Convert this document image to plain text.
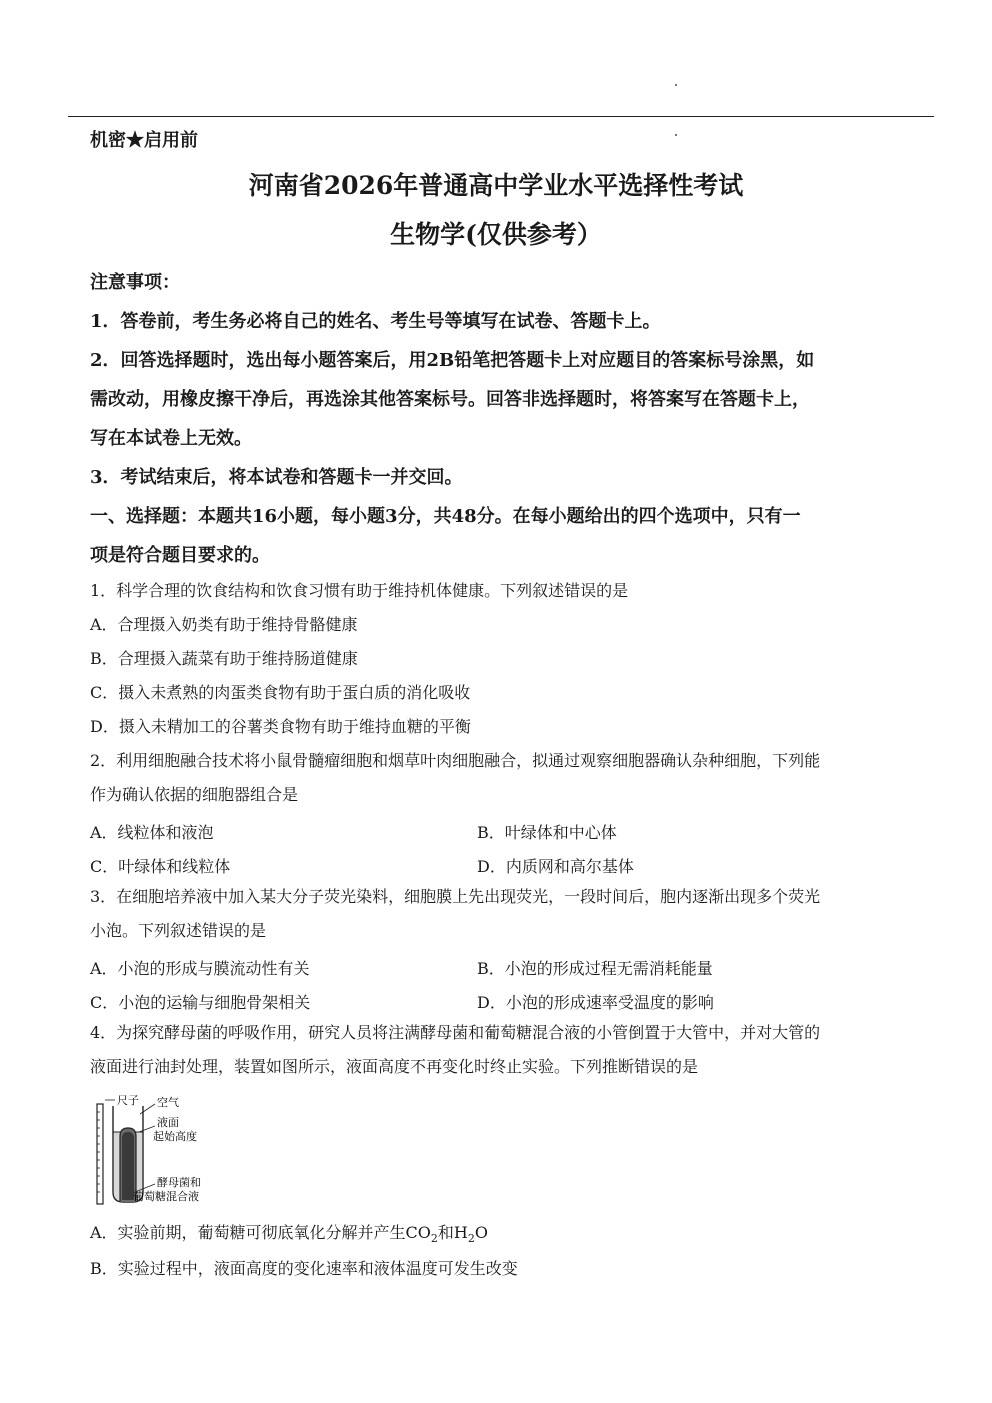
机密★启用前
河南省2026年普通高中学业水平选择性考试
生物学(仅供参考）
注意事项：
1．答卷前，考生务必将自己的姓名、考生号等填写在试卷、答题卡上。
2．回答选择题时，选出每小题答案后，用2B铅笔把答题卡上对应题目的答案标号涂黑，如
需改动，用橡皮擦干净后，再选涂其他答案标号。回答非选择题时，将答案写在答题卡上，
写在本试卷上无效。
3．考试结束后，将本试卷和答题卡一并交回。
一、选择题：本题共16小题，每小题3分，共48分。在每小题给出的四个选项中，只有一
项是符合题目要求的。
1．科学合理的饮食结构和饮食习惯有助于维持机体健康。下列叙述错误的是
A．合理摄入奶类有助于维持骨骼健康
B．合理摄入蔬菜有助于维持肠道健康
C．摄入未煮熟的肉蛋类食物有助于蛋白质的消化吸收
D．摄入未精加工的谷薯类食物有助于维持血糖的平衡
2．利用细胞融合技术将小鼠骨髓瘤细胞和烟草叶肉细胞融合，拟通过观察细胞器确认杂种细胞，下列能
作为确认依据的细胞器组合是
A．线粒体和液泡	B．叶绿体和中心体
C．叶绿体和线粒体	D．内质网和高尔基体
3．在细胞培养液中加入某大分子荧光染料，细胞膜上先出现荧光，一段时间后，胞内逐渐出现多个荧光
小泡。下列叙述错误的是
A．小泡的形成与膜流动性有关	B．小泡的形成过程无需消耗能量
C．小泡的运输与细胞骨架相关	D．小泡的形成速率受温度的影响
4．为探究酵母菌的呼吸作用，研究人员将注满酵母菌和葡萄糖混合液的小管倒置于大管中，并对大管的
液面进行油封处理，装置如图所示，液面高度不再变化时终止实验。下列推断错误的是
尺子 空气
液面
起始高度
酵母菌和
葡萄糖混合液
A．实验前期，葡萄糖可彻底氧化分解并产生$CO_2$和$H_2O$
B．实验过程中，液面高度的变化速率和液体温度可发生改变
